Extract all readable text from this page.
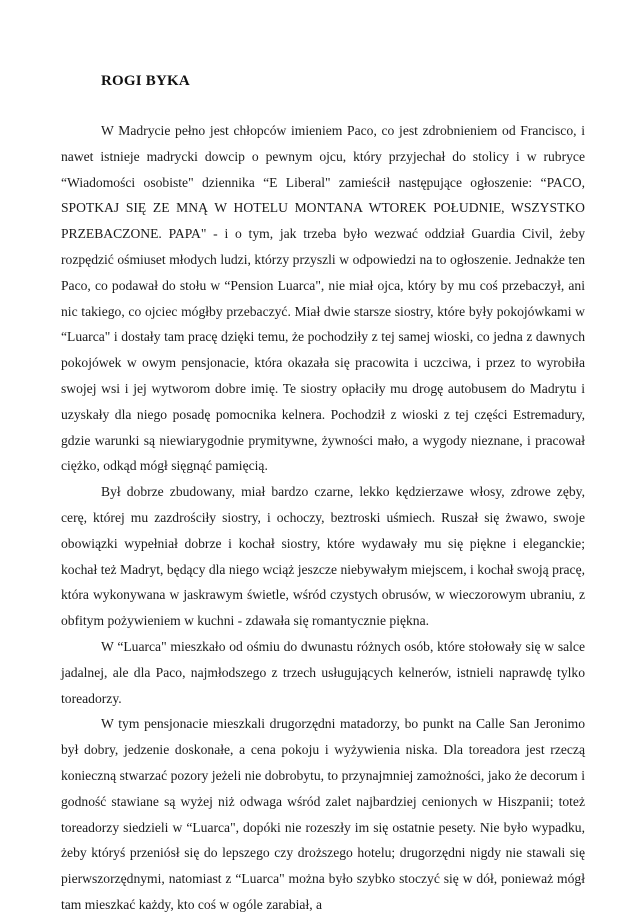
ROGI BYKA

W Madrycie pełno jest chłopców imieniem Paco, co jest zdrobnieniem od Francisco, i nawet istnieje madrycki dowcip o pewnym ojcu, który przyjechał do stolicy i w rubryce “Wiadomości osobiste" dziennika “E Liberal" zamieścił następujące ogłoszenie: “PACO, SPOTKAJ SIĘ ZE MNĄ W HOTELU MONTANA WTOREK POŁUDNIE, WSZYSTKO PRZEBACZONE. PAPA" - i o tym, jak trzeba było wezwać oddział Guardia Civil, żeby rozpędzić ośmiuset młodych ludzi, którzy przyszli w odpowiedzi na to ogłoszenie. Jednakże ten Paco, co podawał do stołu w “Pension Luarca", nie miał ojca, który by mu coś przebaczył, ani nic takiego, co ojciec mógłby przebaczyć. Miał dwie starsze siostry, które były pokojówkami w “Luarca" i dostały tam pracę dzięki temu, że pochodziły z tej samej wioski, co jedna z dawnych pokojówek w owym pensjonacie, która okazała się pracowita i uczciwa, i przez to wyrobiła swojej wsi i jej wytworom dobre imię. Te siostry opłaciły mu drogę autobusem do Madrytu i uzyskały dla niego posadę pomocnika kelnera. Pochodził z wioski z tej części Estremadury, gdzie warunki są niewiarygodnie prymitywne, żywności mało, a wygody nieznane, i pracował ciężko, odkąd mógł sięgnąć pamięcią.

Był dobrze zbudowany, miał bardzo czarne, lekko kędzierzawe włosy, zdrowe zęby, cerę, której mu zazdrościły siostry, i ochoczy, beztroski uśmiech. Ruszał się żwawo, swoje obowiązki wypełniał dobrze i kochał siostry, które wydawały mu się piękne i eleganckie; kochał też Madryt, będący dla niego wciąż jeszcze niebywałym miejscem, i kochał swoją pracę, która wykonywana w jaskrawym świetle, wśród czystych obrusów, w wieczorowym ubraniu, z obfitym pożywieniem w kuchni - zdawała się romantycznie piękna.

W “Luarca" mieszkało od ośmiu do dwunastu różnych osób, które stołowały się w salce jadalnej, ale dla Paco, najmłodszego z trzech usługujących kelnerów, istnieli naprawdę tylko toreadorzy.

W tym pensjonacie mieszkali drugorzędni matadorzy, bo punkt na Calle San Jeronimo był dobry, jedzenie doskonałe, a cena pokoju i wyżywienia niska. Dla toreadora jest rzeczą konieczną stwarzać pozory jeżeli nie dobrobytu, to przynajmniej zamożności, jako że decorum i godność stawiane są wyżej niż odwaga wśród zalet najbardziej cenionych w Hiszpanii; toteż toreadorzy siedzieli w “Luarca", dopóki nie rozeszły im się ostatnie pesety. Nie było wypadku, żeby któryś przeniósł się do lepszego czy droższego hotelu; drugorzędni nigdy nie stawali się pierwszorzędnymi, natomiast z “Luarca" można było szybko stoczyć się w dół, ponieważ mógł tam mieszkać każdy, kto coś w ogóle zarabiał, a
